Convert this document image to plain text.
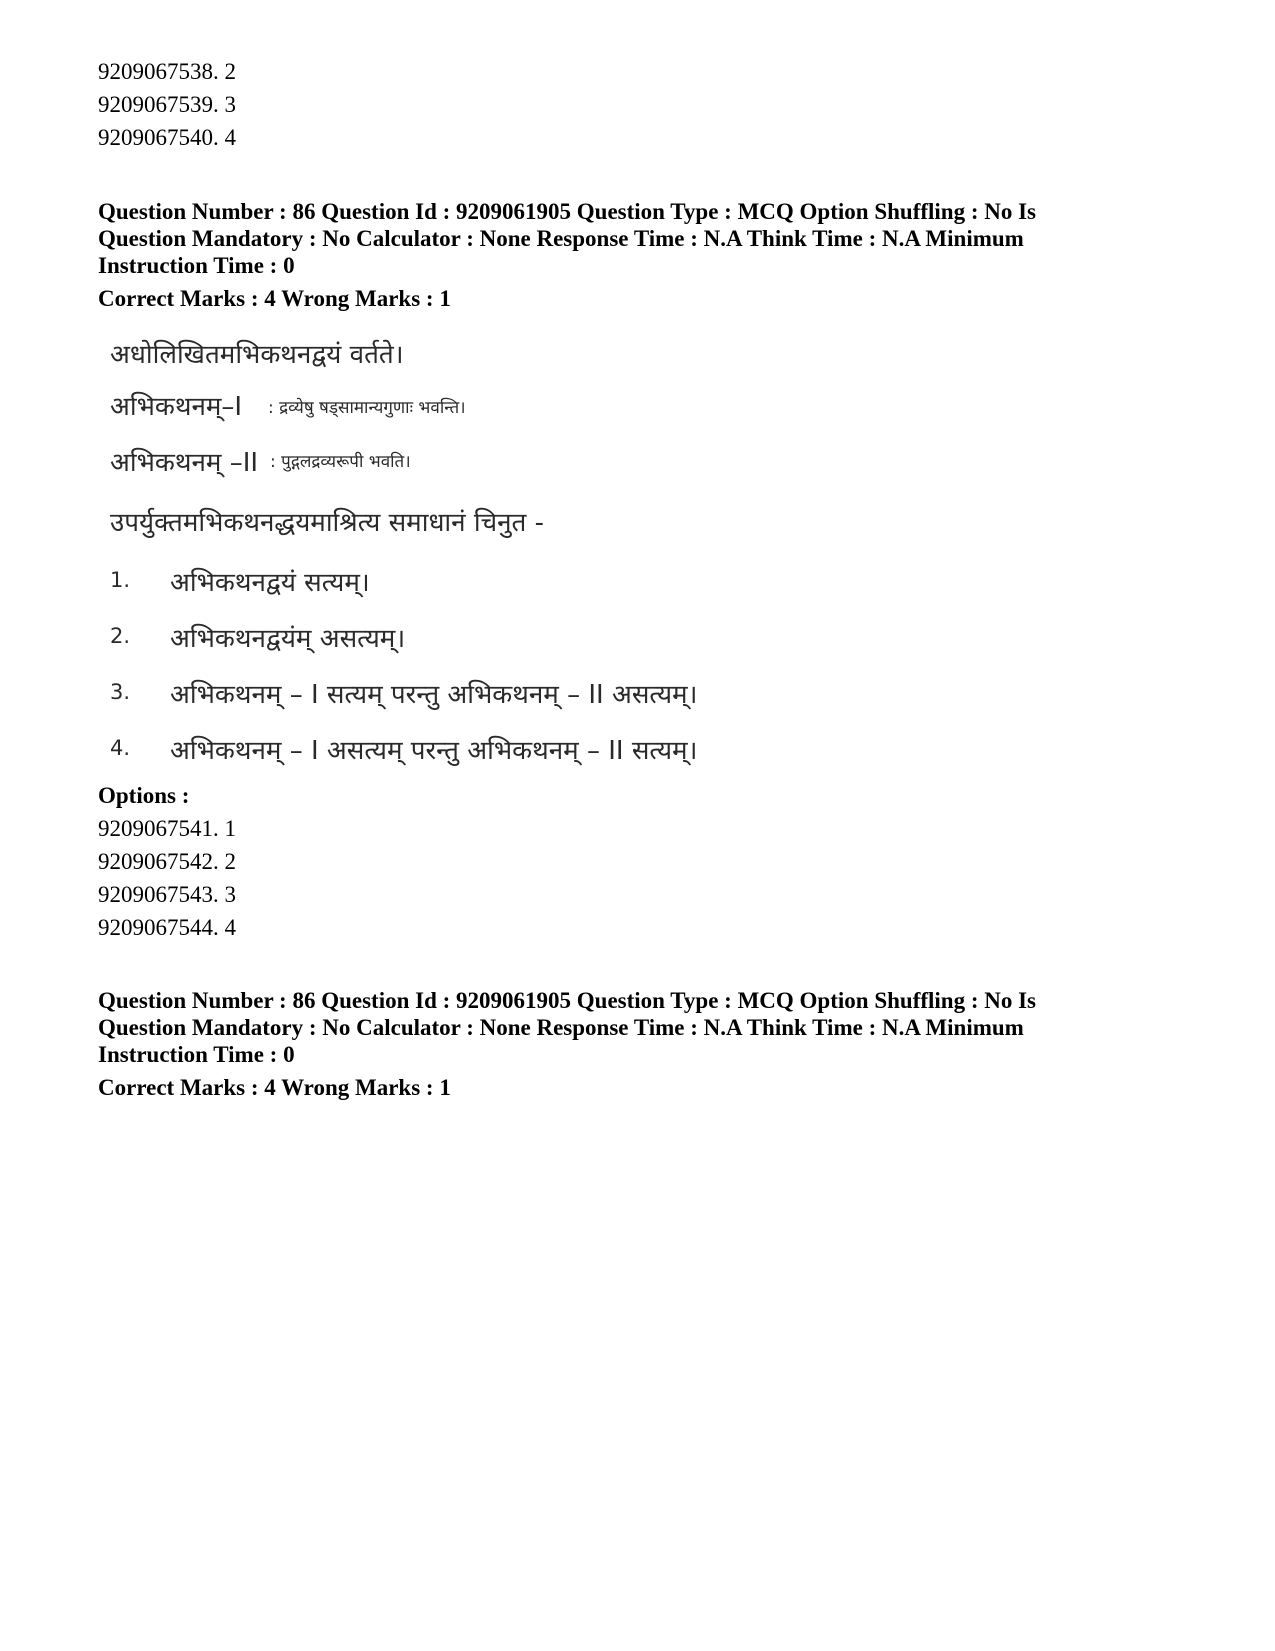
9209067538. 2
9209067539. 3
9209067540. 4
Question Number : 86 Question Id : 9209061905 Question Type : MCQ Option Shuffling : No Is
Question Mandatory : No Calculator : None Response Time : N.A Think Time : N.A Minimum
Instruction Time : 0
Correct Marks : 4 Wrong Marks : 1
अधोलिखितमभिकथनद्वयं वर्तते।
अभिकथनम्–I : द्रव्येषु षड्सामान्यगुणाः भवन्ति।
अभिकथनम् –II : पुद्गलद्रव्यरूपी भवति।
उपर्युक्तमभिकथनद्धयमाश्रित्य समाधानं चिनुत -
1. अभिकथनद्वयं सत्यम्।
2. अभिकथनद्वयंम् असत्यम्।
3. अभिकथनम् – I सत्यम् परन्तु अभिकथनम् – II असत्यम्।
4. अभिकथनम् – I असत्यम् परन्तु अभिकथनम् – II सत्यम्।
Options :
9209067541. 1
9209067542. 2
9209067543. 3
9209067544. 4
Question Number : 86 Question Id : 9209061905 Question Type : MCQ Option Shuffling : No Is
Question Mandatory : No Calculator : None Response Time : N.A Think Time : N.A Minimum
Instruction Time : 0
Correct Marks : 4 Wrong Marks : 1
